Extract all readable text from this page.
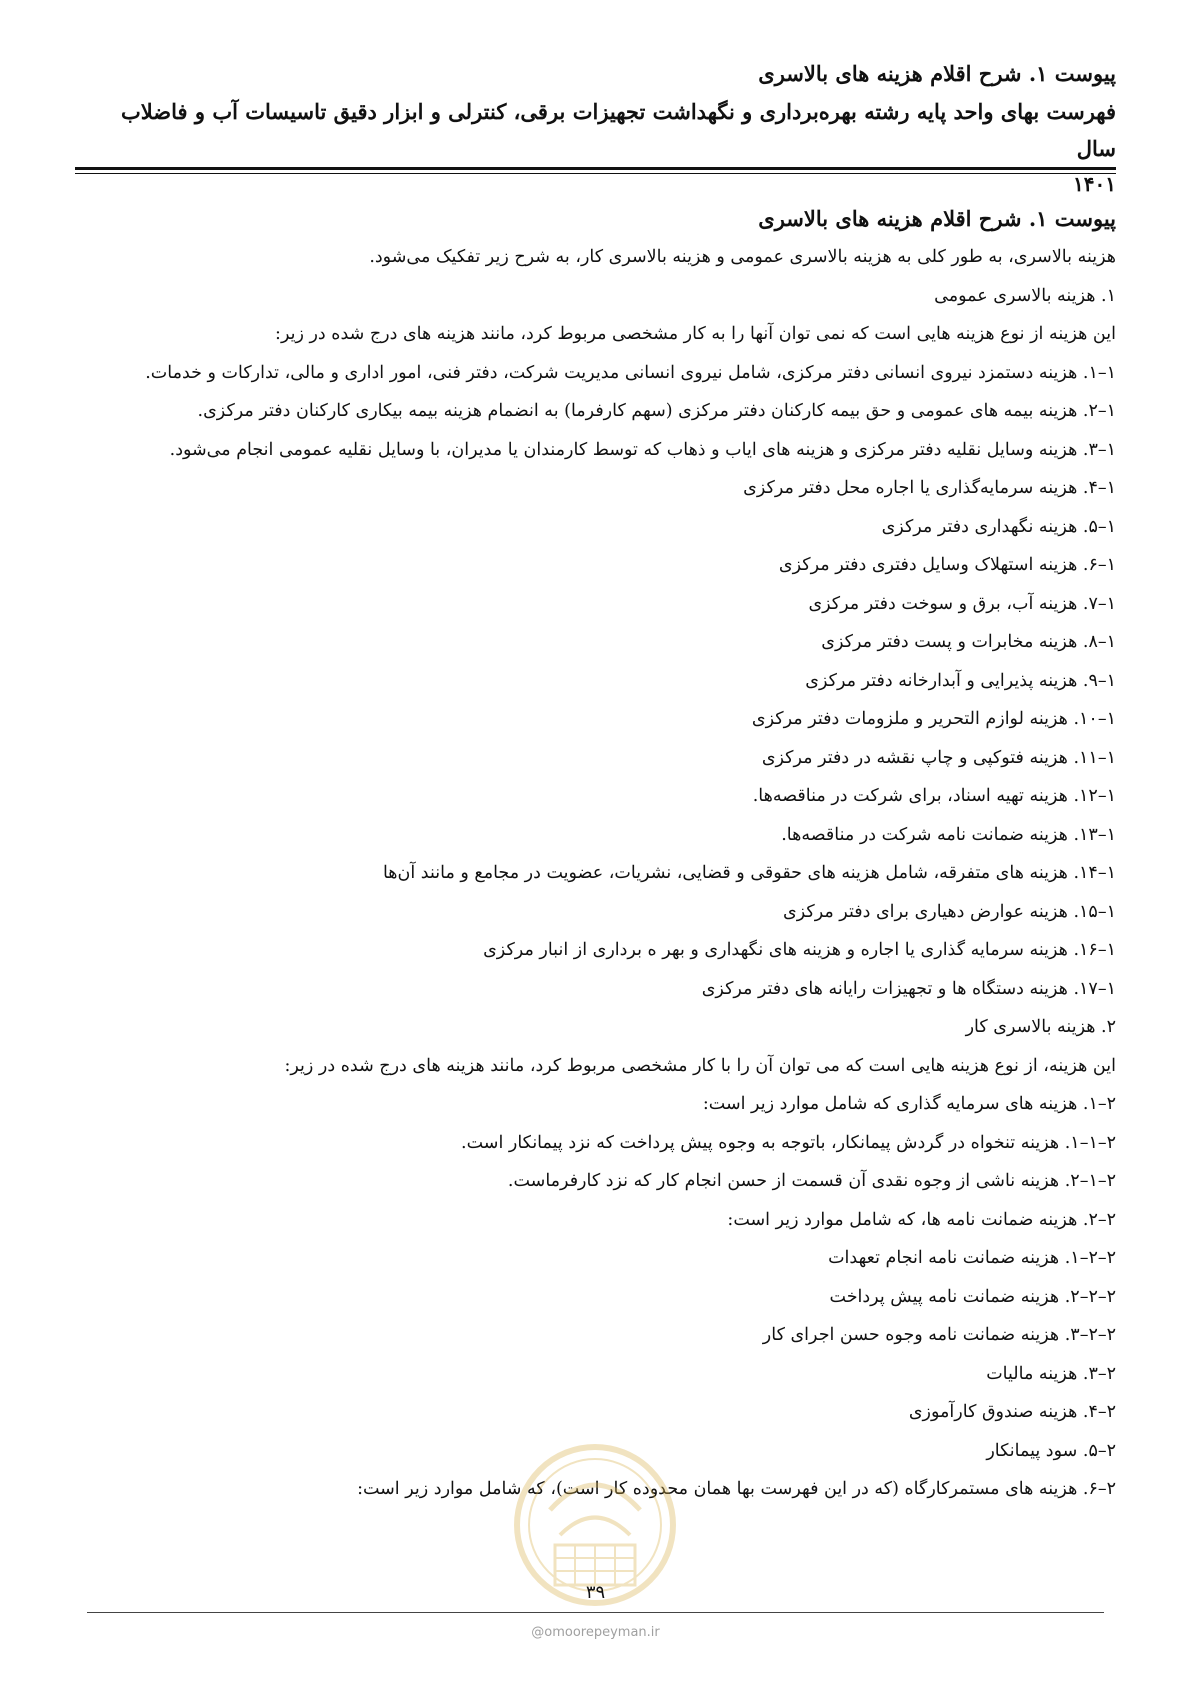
پیوست ۱. شرح اقلام هزینه های بالاسری
فهرست بهای واحد پایه رشته بهره‌برداری و نگهداشت تجهیزات برقی، کنترلی و ابزار دقیق تاسیسات آب و فاضلاب سال
۱۴۰۱

پیوست ۱. شرح اقلام هزینه های بالاسری

هزینه بالاسری، به طور کلی به هزینه بالاسری عمومی و هزینه بالاسری کار، به شرح زیر تفکیک می‌شود.

۱. هزینه بالاسری عمومی

این هزینه از نوع هزینه هایی است که نمی توان آنها را به کار مشخصی مربوط کرد، مانند هزینه های درج شده در زیر:

۱–۱. هزینه دستمزد نیروی انسانی دفتر مرکزی، شامل نیروی انسانی مدیریت شرکت، دفتر فنی، امور اداری و مالی، تدارکات و خدمات.

۱–۲. هزینه بیمه های عمومی و حق بیمه کارکنان دفتر مرکزی (سهم کارفرما) به انضمام هزینه بیمه بیکاری کارکنان دفتر مرکزی.

۱–۳. هزینه وسایل نقلیه دفتر مرکزی و هزینه های ایاب و ذهاب که توسط کارمندان یا مدیران، با وسایل نقلیه عمومی انجام می‌شود.

۱–۴. هزینه سرمایه‌گذاری یا اجاره محل دفتر مرکزی

۱–۵. هزینه نگهداری دفتر مرکزی

۱–۶. هزینه استهلاک وسایل دفتری دفتر مرکزی

۱–۷. هزینه آب، برق و سوخت دفتر مرکزی

۱–۸. هزینه مخابرات و پست دفتر مرکزی

۱–۹. هزینه پذیرایی و آبدارخانه دفتر مرکزی

۱–۱۰. هزینه لوازم التحریر و ملزومات دفتر مرکزی

۱–۱۱. هزینه فتوکپی و چاپ نقشه در دفتر مرکزی

۱–۱۲. هزینه تهیه اسناد، برای شرکت در مناقصه‌ها.

۱–۱۳. هزینه ضمانت نامه شرکت در مناقصه‌ها.

۱–۱۴. هزینه های متفرقه، شامل هزینه های حقوقی و قضایی، نشریات، عضویت در مجامع و مانند آن‌ها

۱–۱۵. هزینه عوارض دهیاری برای دفتر مرکزی

۱–۱۶. هزینه سرمایه گذاری یا اجاره و هزینه های نگهداری و بهر ه برداری از انبار مرکزی

۱–۱۷. هزینه دستگاه ها و تجهیزات رایانه های دفتر مرکزی

۲. هزینه بالاسری کار

این هزینه، از نوع هزینه هایی است که می توان آن را با کار مشخصی مربوط کرد، مانند هزینه های درج شده در زیر:

۲–۱. هزینه های سرمایه گذاری که شامل موارد زیر است:

۲–۱–۱. هزینه تنخواه در گردش پیمانکار، باتوجه به وجوه پیش پرداخت که نزد پیمانکار است.

۲–۱–۲. هزینه ناشی از وجوه نقدی آن قسمت از حسن انجام کار که نزد کارفرماست.

۲–۲. هزینه ضمانت نامه ها، که شامل موارد زیر است:

۲–۲–۱. هزینه ضمانت نامه انجام تعهدات

۲–۲–۲. هزینه ضمانت نامه پیش پرداخت

۲–۲–۳. هزینه ضمانت نامه وجوه حسن اجرای کار

۲–۳. هزینه مالیات

۲–۴. هزینه صندوق کارآموزی

۲–۵. سود پیمانکار

۲–۶. هزینه های مستمرکارگاه (که در این فهرست بها همان محدوده کار است)، که شامل موارد زیر است:

۳۹
@omoorepeyman.ir
